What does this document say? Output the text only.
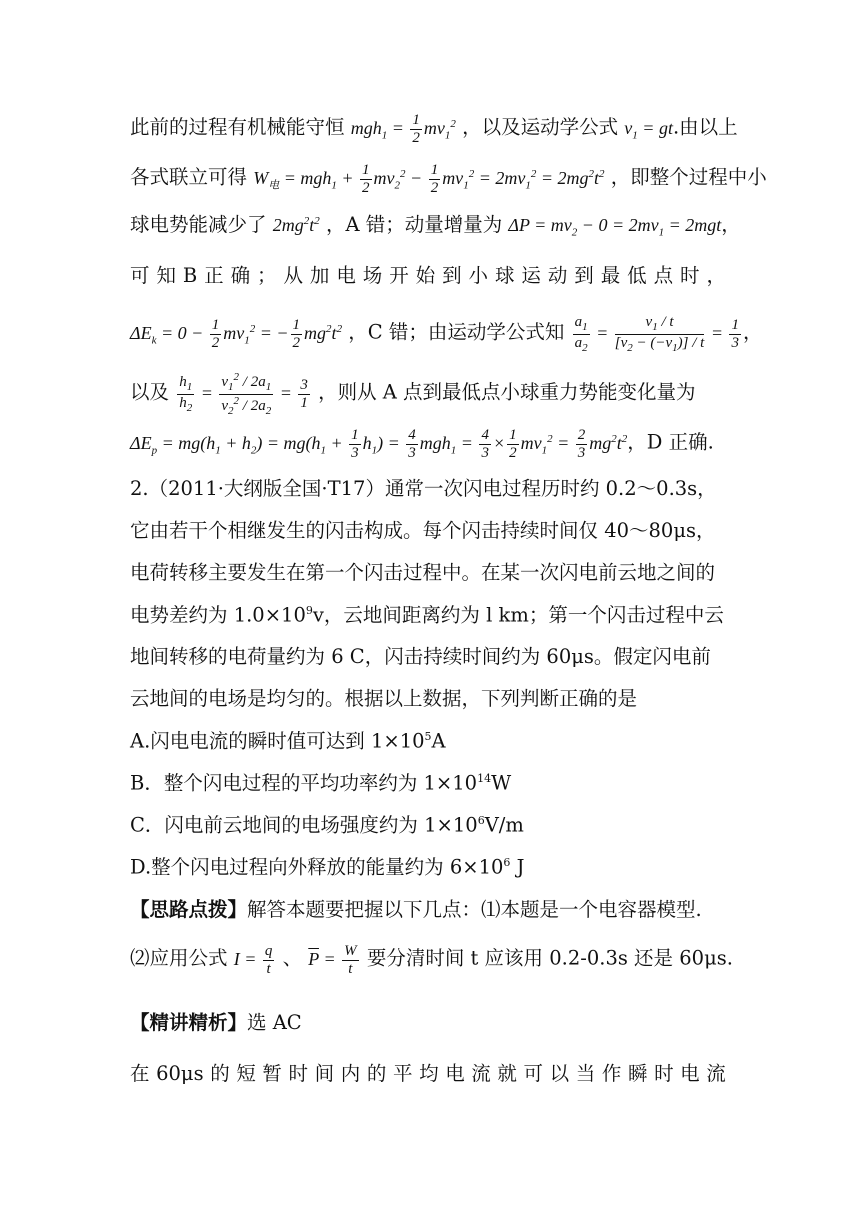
此前的过程有机械能守恒 $mgh_1 = \frac{1}{2} mv_1^2$ ，以及运动学公式 $v_1$ = gt.由以上
各式联立可得 $W_电 = mgh_1 + \frac{1}{2} mv_2^2 - \frac{1}{2} mv_1^2 = 2mv_1^2 = 2mg^2t^2$ ，即整个过程中小
球电势能减少了 $2mg^2t^2$ ，A 错；动量增量为 $\Delta P = mv_2 - 0 = 2mv_1 = 2mgt$，
可 知 B 正 确 ； 从 加 电 场 开 始 到 小 球 运 动 到 最 低 点 时 ，
$\Delta E_k = 0 - \frac{1}{2} mv_1^2$ = − $\frac{1}{2} mg^2t^2$ ，C 错；由运动学公式知 $\frac{a_1}{a_2} = \frac{v_1 / t}{[v_2 - (-v_1)] / t} = \frac{1}{3}$ ，
以及 $\frac{h_1}{h_2} = \frac{v_1^2 / 2a_1}{v_2^2 / 2a_2} = \frac{3}{1}$ ，则从 A 点到最低点小球重力势能变化量为
$\Delta E_p = mg(h_1 + h_2) = mg(h_1 + \frac{1}{3} h_1) = \frac{4}{3} mgh_1 = \frac{4}{3} \times \frac{1}{2} mv_1^2 = \frac{2}{3} mg^2t^2$，D 正确.
2.（2011·大纲版全国·T17）通常一次闪电过程历时约 0.2～0.3s，
它由若干个相继发生的闪击构成。每个闪击持续时间仅 40～80μs，
电荷转移主要发生在第一个闪击过程中。在某一次闪电前云地之间的
电势差约为 $1.0\times 10^9v$，云地间距离约为 l km；第一个闪击过程中云
地间转移的电荷量约为 6 C，闪击持续时间约为 60μs。假定闪电前
云地间的电场是均匀的。根据以上数据，下列判断正确的是
A.闪电电流的瞬时值可达到 $1\times 10^5A$
B．整个闪电过程的平均功率约为 $1\times 10^{14}W$
C．闪电前云地间的电场强度约为 $1\times 10^6V/m$
D.整个闪电过程向外释放的能量约为 $6\times 10^6$ J
【思路点拨】解答本题要把握以下几点：⑴本题是一个电容器模型.
⑵应用公式 $I = \frac{q}{t}$ 、 $\overline{P} = \frac{W}{t}$ 要分清时间 t 应该用 0.2-0.3s 还是 60μs.
【精讲精析】选 AC
在 60μs 的 短 暂 时 间 内 的 平 均 电 流 就 可 以 当 作 瞬 时 电 流
